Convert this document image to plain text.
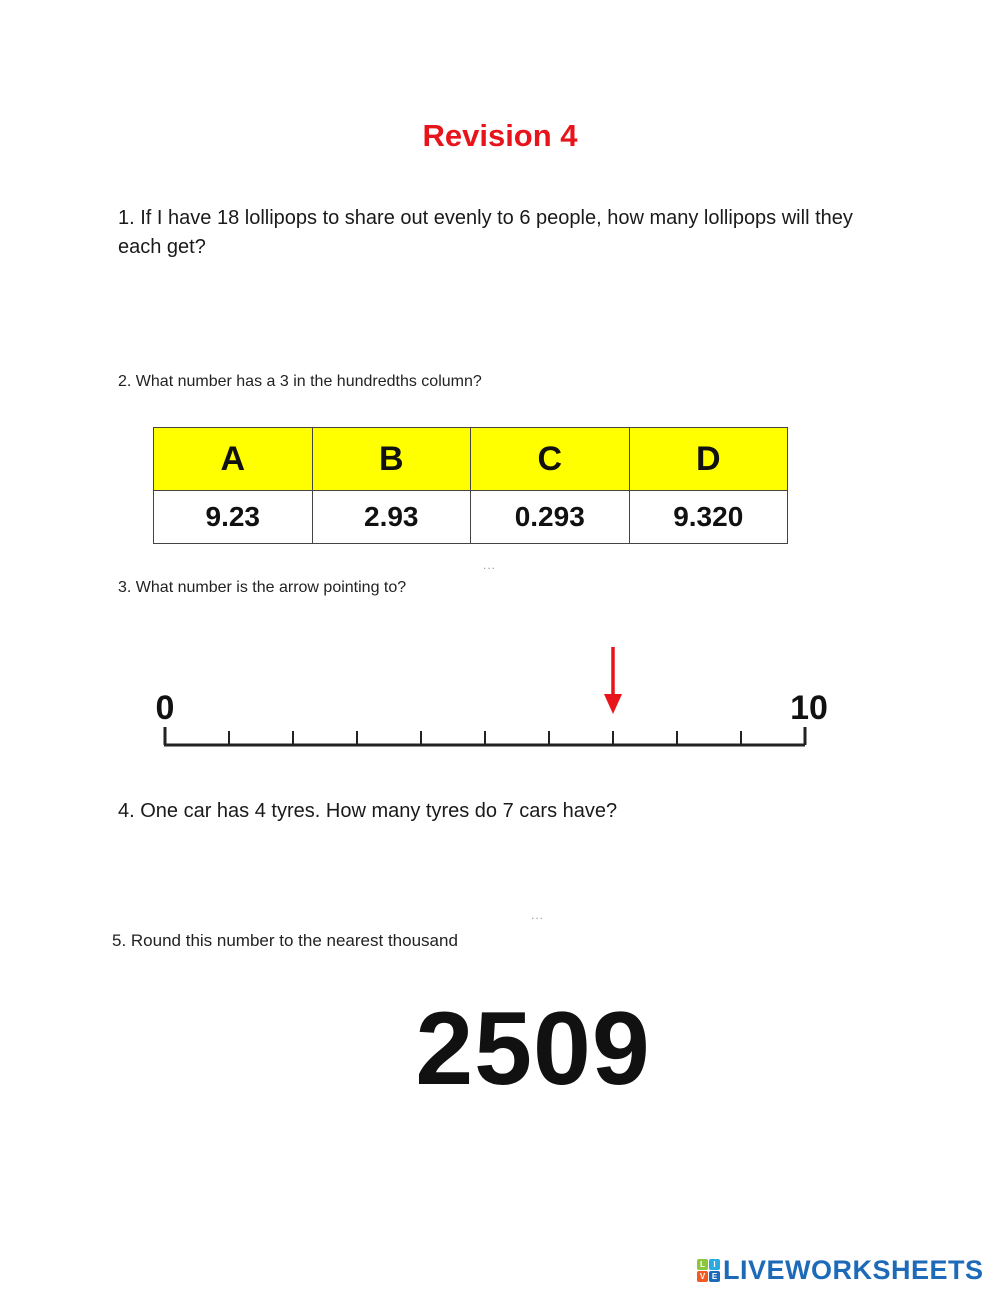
Revision 4
1. If I have 18 lollipops to share out evenly to 6 people, how many lollipops will they each get?
2. What number has a 3 in the hundredths column?
A	B	C	D
9.23	2.93	0.293	9.320
...
3. What number is the arrow pointing to?
0	10
4. One car has 4 tyres. How many tyres do 7 cars have?
...
5. Round this number to the nearest thousand
2509
L	I
V E LIVEWORKSHEETS
